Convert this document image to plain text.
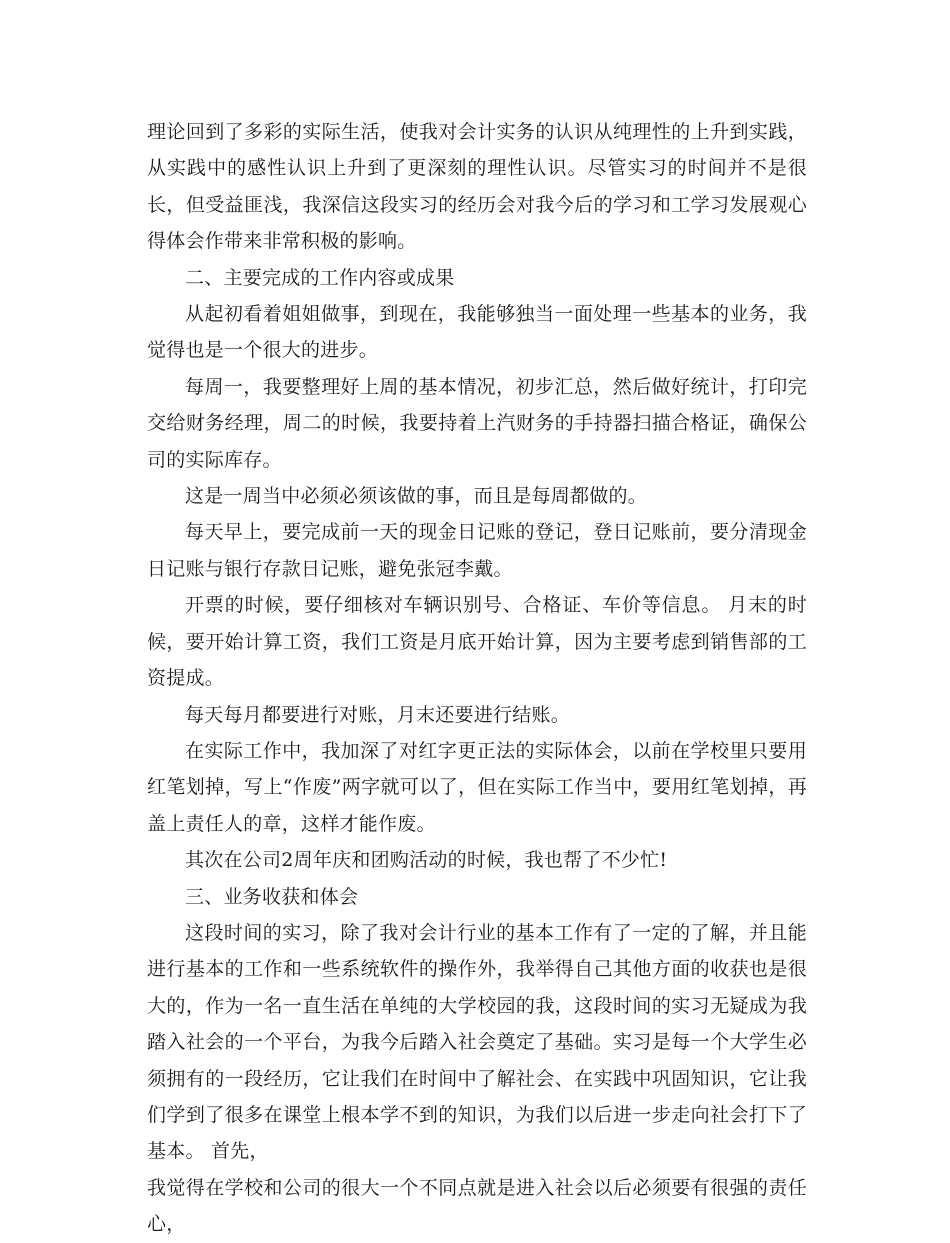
理论回到了多彩的实际生活，使我对会计实务的认识从纯理性的上升到实践，从实践中的感性认识上升到了更深刻的理性认识。尽管实习的时间并不是很长，但受益匪浅，我深信这段实习的经历会对我今后的学习和工学习发展观心得体会作带来非常积极的影响。

二、主要完成的工作内容或成果

从起初看着姐姐做事，到现在，我能够独当一面处理一些基本的业务，我觉得也是一个很大的进步。

每周一，我要整理好上周的基本情况，初步汇总，然后做好统计，打印完交给财务经理，周二的时候，我要持着上汽财务的手持器扫描合格证，确保公司的实际库存。

这是一周当中必须必须该做的事，而且是每周都做的。

每天早上，要完成前一天的现金日记账的登记，登日记账前，要分清现金日记账与银行存款日记账，避免张冠李戴。

开票的时候，要仔细核对车辆识别号、合格证、车价等信息。 月末的时候，要开始计算工资，我们工资是月底开始计算，因为主要考虑到销售部的工资提成。

每天每月都要进行对账，月末还要进行结账。

在实际工作中，我加深了对红字更正法的实际体会，以前在学校里只要用红笔划掉，写上“作废”两字就可以了，但在实际工作当中，要用红笔划掉，再盖上责任人的章，这样才能作废。

其次在公司2周年庆和团购活动的时候，我也帮了不少忙!

三、业务收获和体会

这段时间的实习，除了我对会计行业的基本工作有了一定的了解，并且能进行基本的工作和一些系统软件的操作外，我举得自己其他方面的收获也是很大的，作为一名一直生活在单纯的大学校园的我，这段时间的实习无疑成为我踏入社会的一个平台，为我今后踏入社会奠定了基础。实习是每一个大学生必须拥有的一段经历，它让我们在时间中了解社会、在实践中巩固知识，它让我们学到了很多在课堂上根本学不到的知识，为我们以后进一步走向社会打下了基本。 首先，

我觉得在学校和公司的很大一个不同点就是进入社会以后必须要有很强的责任心，
